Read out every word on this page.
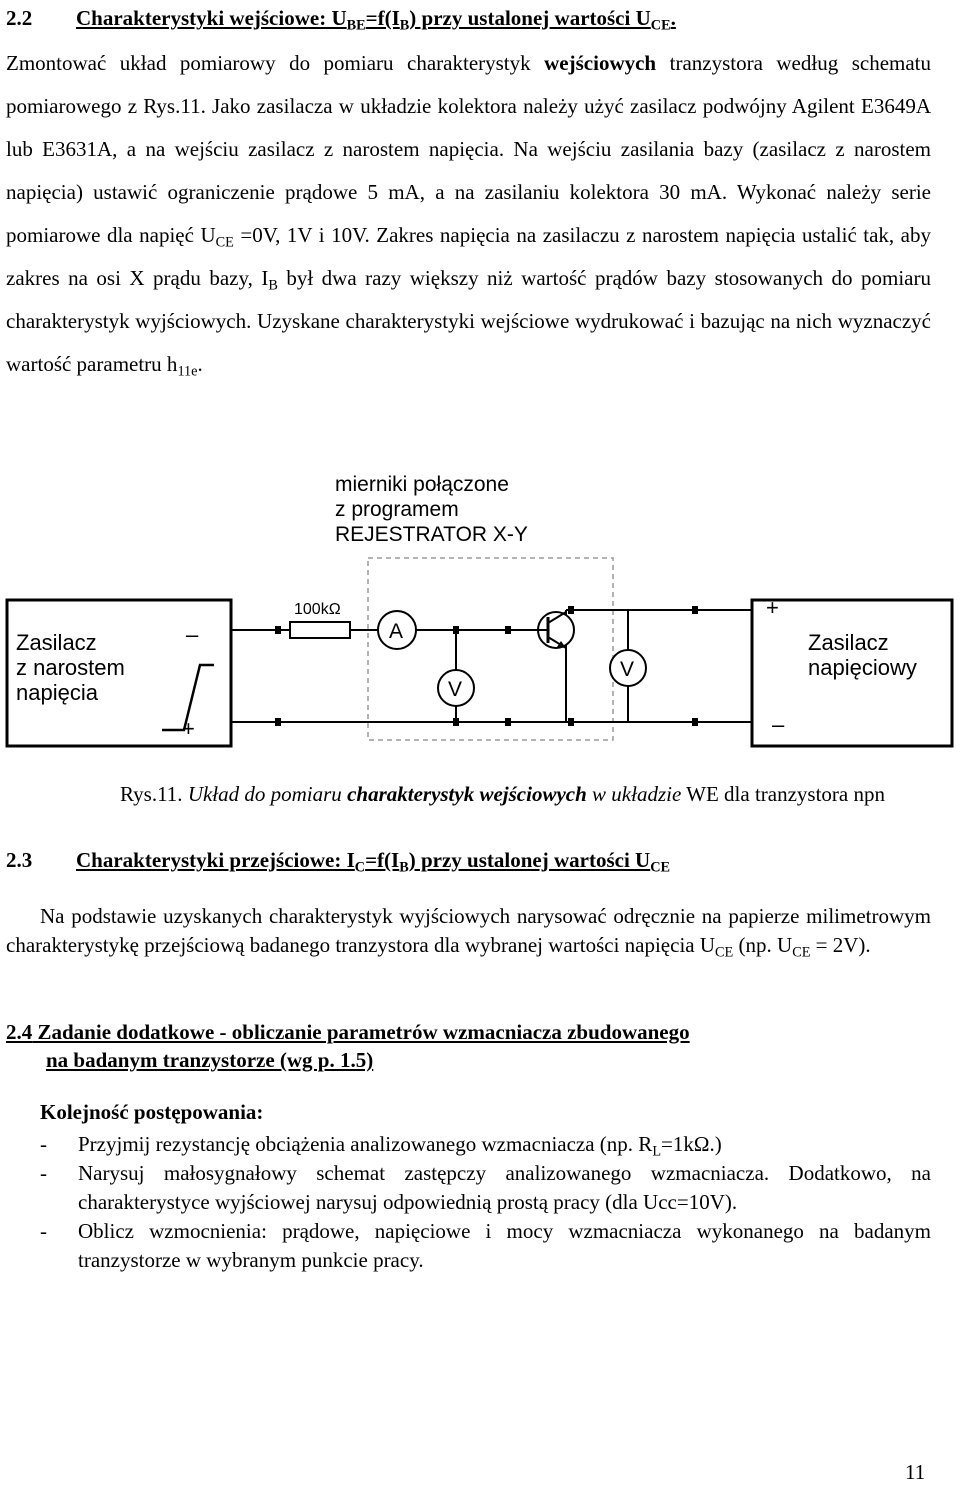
2.2 Charakterystyki wejściowe: $U_{BE}=f(I_B)$ przy ustalonej wartości $U_{CE}$.
Zmontować układ pomiarowy do pomiaru charakterystyk wejściowych tranzystora według schematu pomiarowego z Rys.11. Jako zasilacza w układzie kolektora należy użyć zasilacz podwójny Agilent E3649A lub E3631A, a na wejściu zasilacz z narostem napięcia. Na wejściu zasilania bazy (zasilacz z narostem napięcia) ustawić ograniczenie prądowe 5 mA, a na zasilaniu kolektora 30 mA. Wykonać należy serie pomiarowe dla napięć $U_{CE} =0V$, 1V i 10V. Zakres napięcia na zasilaczu z narostem napięcia ustalić tak, aby zakres na osi X prądu bazy, $I_B$ był dwa razy większy niż wartość prądów bazy stosowanych do pomiaru charakterystyk wyjściowych. Uzyskane charakterystyki wejściowe wydrukować i bazując na nich wyznaczyć wartość parametru $h_{11e}$.
mierniki połączone
z programem
REJESTRATOR X-Y
Zasilacz
z narostem
napięcia
–
+
Zasilacz
napięciowy
+
–
100kΩ
A
V
V
Rys.11. Układ do pomiaru charakterystyk wejściowych w układzie WE dla tranzystora npn
2.3 Charakterystyki przejściowe: $I_C=f(I_B)$ przy ustalonej wartości $U_{CE}$
Na podstawie uzyskanych charakterystyk wyjściowych narysować odręcznie na papierze milimetrowym charakterystykę przejściową badanego tranzystora dla wybranej wartości napięcia $U_{CE}$ (np. $U_{CE} = 2V$).
2.4 Zadanie dodatkowe - obliczanie parametrów wzmacniacza zbudowanego
na badanym tranzystorze (wg p. 1.5)
Kolejność postępowania:
- Przyjmij rezystancję obciążenia analizowanego wzmacniacza (np. $R_L=1k\Omega$.)
- Narysuj małosygnałowy schemat zastępczy analizowanego wzmacniacza. Dodatkowo, na charakterystyce wyjściowej narysuj odpowiednią prostą pracy (dla Ucc=10V).
- Oblicz wzmocnienia: prądowe, napięciowe i mocy wzmacniacza wykonanego na badanym tranzystorze w wybranym punkcie pracy.
11
